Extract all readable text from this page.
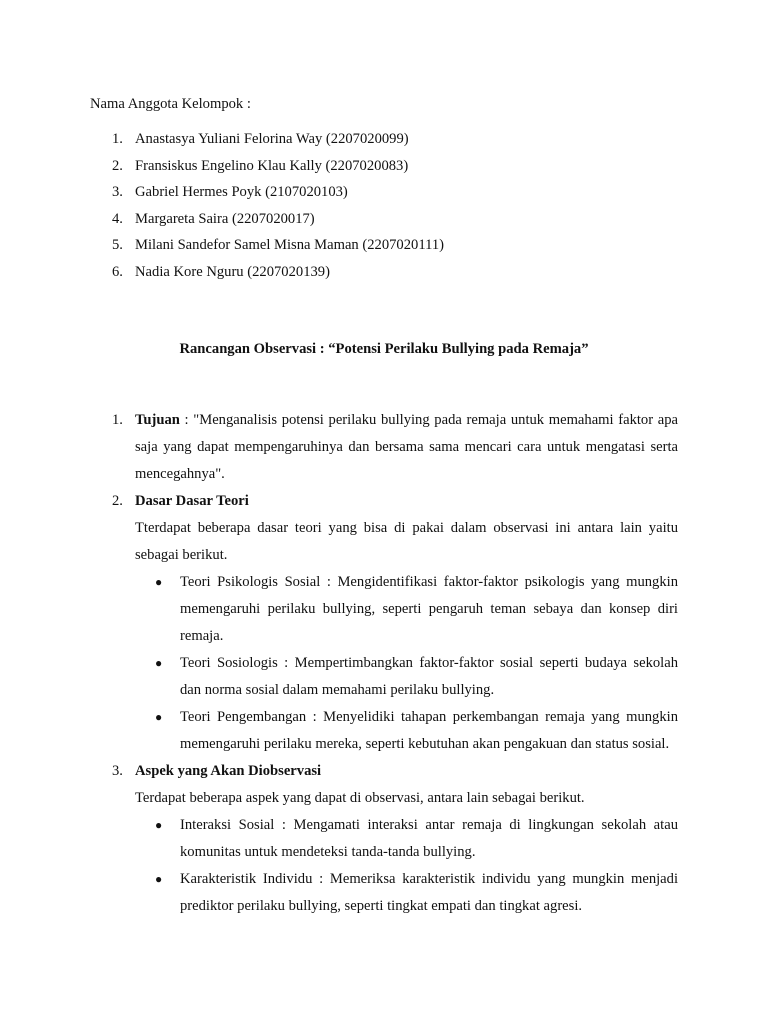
Nama Anggota Kelompok :
1. Anastasya Yuliani Felorina Way (2207020099)
2. Fransiskus Engelino Klau Kally (2207020083)
3. Gabriel Hermes Poyk (2107020103)
4. Margareta Saira (2207020017)
5. Milani Sandefor Samel Misna Maman (2207020111)
6. Nadia Kore Nguru (2207020139)
Rancangan Observasi : “Potensi Perilaku Bullying pada Remaja”
1. Tujuan : "Menganalisis potensi perilaku bullying pada remaja untuk memahami faktor apa saja yang dapat mempengaruhinya dan bersama sama mencari cara untuk mengatasi serta mencegahnya".

2. Dasar Dasar Teori

Tterdapat beberapa dasar teori yang bisa di pakai dalam observasi ini antara lain yaitu sebagai berikut.

● Teori Psikologis Sosial : Mengidentifikasi faktor-faktor psikologis yang mungkin memengaruhi perilaku bullying, seperti pengaruh teman sebaya dan konsep diri remaja.
● Teori Sosiologis : Mempertimbangkan faktor-faktor sosial seperti budaya sekolah dan norma sosial dalam memahami perilaku bullying.
● Teori Pengembangan : Menyelidiki tahapan perkembangan remaja yang mungkin memengaruhi perilaku mereka, seperti kebutuhan akan pengakuan dan status sosial.
3. Aspek yang Akan Diobservasi

Terdapat beberapa aspek yang dapat di observasi, antara lain sebagai berikut.

● Interaksi Sosial : Mengamati interaksi antar remaja di lingkungan sekolah atau komunitas untuk mendeteksi tanda-tanda bullying.
● Karakteristik Individu : Memeriksa karakteristik individu yang mungkin menjadi prediktor perilaku bullying, seperti tingkat empati dan tingkat agresi.
